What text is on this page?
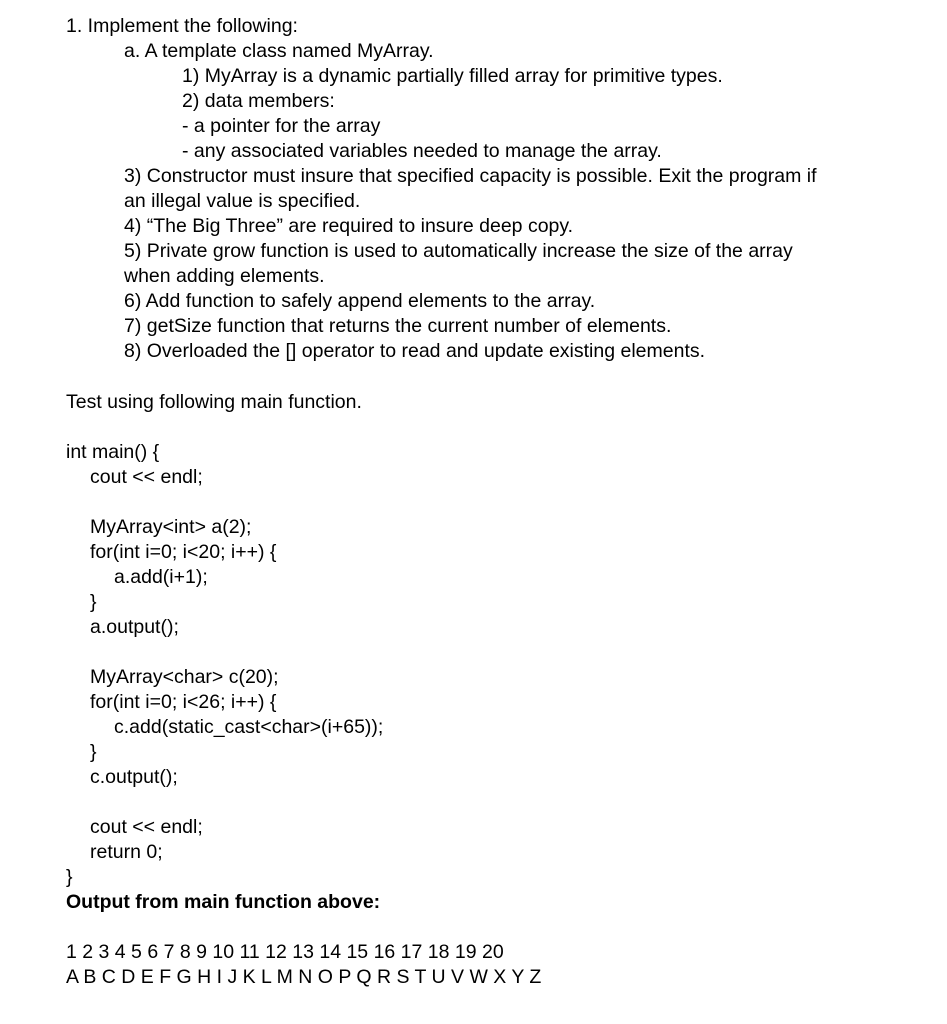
1. Implement the following:

a. A template class named MyArray.

1) MyArray is a dynamic partially filled array for primitive types.

2) data members:

- a pointer for the array

- any associated variables needed to manage the array.

3) Constructor must insure that specified capacity is possible. Exit the program if

an illegal value is specified.

4) “The Big Three” are required to insure deep copy.

5) Private grow function is used to automatically increase the size of the array

when adding elements.

6) Add function to safely append elements to the array.

7) getSize function that returns the current number of elements.

8) Overloaded the [] operator to read and update existing elements.

Test using following main function.

int main() {

cout << endl;

MyArray<int> a(2);

for(int i=0; i<20; i++) {

a.add(i+1);

}

a.output();

MyArray<char> c(20);

for(int i=0; i<26; i++) {

c.add(static_cast<char>(i+65));

}

c.output();

cout << endl;

return 0;

}

Output from main function above:

1 2 3 4 5 6 7 8 9 10 11 12 13 14 15 16 17 18 19 20

A B C D E F G H I J K L M N O P Q R S T U V W X Y Z
